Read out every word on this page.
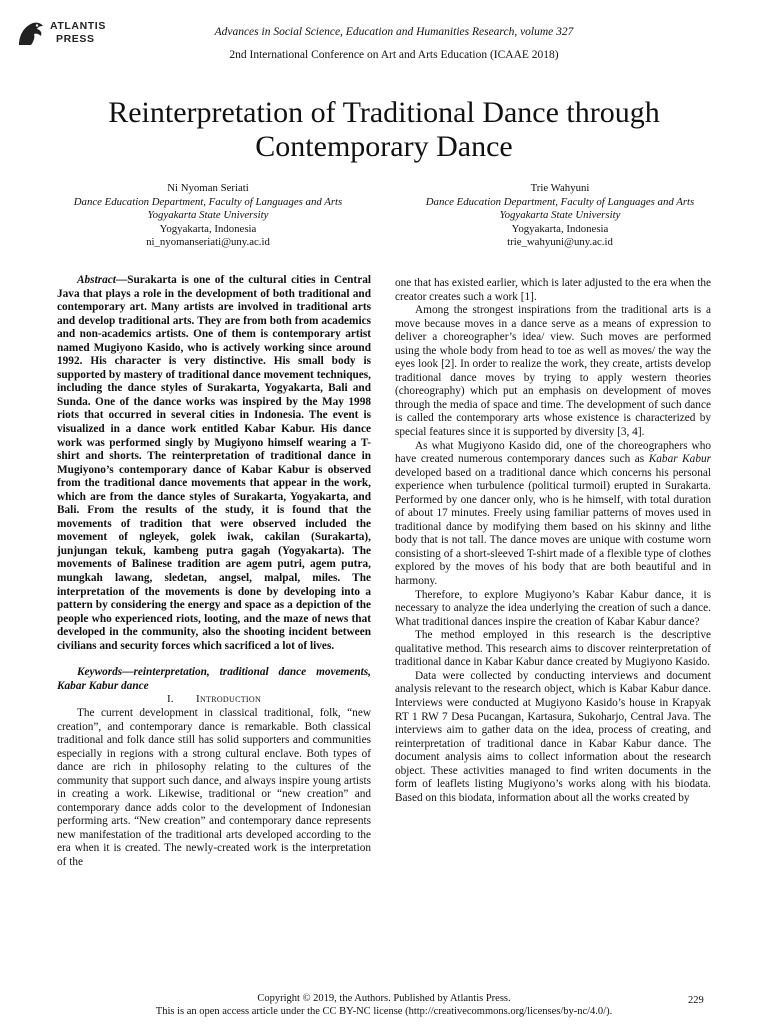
ATLANTIS
PRESS
Advances in Social Science, Education and Humanities Research, volume 327
2nd International Conference on Art and Arts Education (ICAAE 2018)
Reinterpretation of Traditional Dance through
Contemporary Dance
Ni Nyoman Seriati
Dance Education Department, Faculty of Languages and Arts
Yogyakarta State University
Yogyakarta, Indonesia
ni_nyomanseriati@uny.ac.id
Trie Wahyuni
Dance Education Department, Faculty of Languages and Arts
Yogyakarta State University
Yogyakarta, Indonesia
trie_wahyuni@uny.ac.id

Abstract—Surakarta is one of the cultural cities in Central Java that plays a role in the development of both traditional and contemporary art. Many artists are involved in traditional arts and develop traditional arts. They are from both from academics and non-academics artists. One of them is contemporary artist named Mugiyono Kasido, who is actively working since around 1992. His character is very distinctive. His small body is supported by mastery of traditional dance movement techniques, including the dance styles of Surakarta, Yogyakarta, Bali and Sunda. One of the dance works was inspired by the May 1998 riots that occurred in several cities in Indonesia. The event is visualized in a dance work entitled Kabar Kabur. His dance work was performed singly by Mugiyono himself wearing a T-shirt and shorts. The reinterpretation of traditional dance in Mugiyono’s contemporary dance of Kabar Kabur is observed from the traditional dance movements that appear in the work, which are from the dance styles of Surakarta, Yogyakarta, and Bali. From the results of the study, it is found that the movements of tradition that were observed included the movement of ngleyek, golek iwak, cakilan (Surakarta), junjungan tekuk, kambeng putra gagah (Yogyakarta). The movements of Balinese tradition are agem putri, agem putra, mungkah lawang, sledetan, angsel, malpal, miles. The interpretation of the movements is done by developing into a pattern by considering the energy and space as a depiction of the people who experienced riots, looting, and the maze of news that developed in the community, also the shooting incident between civilians and security forces which sacrificed a lot of lives.

Keywords—reinterpretation, traditional dance movements, Kabar Kabur dance

I. Introduction

The current development in classical traditional, folk, “new creation”, and contemporary dance is remarkable. Both classical traditional and folk dance still has solid supporters and communities especially in regions with a strong cultural enclave. Both types of dance are rich in philosophy relating to the cultures of the community that support such dance, and always inspire young artists in creating a work. Likewise, traditional or “new creation” and contemporary dance adds color to the development of Indonesian performing arts. “New creation” and contemporary dance represents new manifestation of the traditional arts developed according to the era when it is created. The newly-created work is the interpretation of the

one that has existed earlier, which is later adjusted to the era when the creator creates such a work [1].

Among the strongest inspirations from the traditional arts is a move because moves in a dance serve as a means of expression to deliver a choreographer’s idea/ view. Such moves are performed using the whole body from head to toe as well as moves/ the way the eyes look [2]. In order to realize the work, they create, artists develop traditional dance moves by trying to apply western theories (choreography) which put an emphasis on development of moves through the media of space and time. The development of such dance is called the contemporary arts whose existence is characterized by special features since it is supported by diversity [3, 4].

As what Mugiyono Kasido did, one of the choreographers who have created numerous contemporary dances such as Kabar Kabur developed based on a traditional dance which concerns his personal experience when turbulence (political turmoil) erupted in Surakarta. Performed by one dancer only, who is he himself, with total duration of about 17 minutes. Freely using familiar patterns of moves used in traditional dance by modifying them based on his skinny and lithe body that is not tall. The dance moves are unique with costume worn consisting of a short-sleeved T-shirt made of a flexible type of clothes explored by the moves of his body that are both beautiful and in harmony.

Therefore, to explore Mugiyono’s Kabar Kabur dance, it is necessary to analyze the idea underlying the creation of such a dance. What traditional dances inspire the creation of Kabar Kabur dance?

The method employed in this research is the descriptive qualitative method. This research aims to discover reinterpretation of traditional dance in Kabar Kabur dance created by Mugiyono Kasido.

Data were collected by conducting interviews and document analysis relevant to the research object, which is Kabar Kabur dance. Interviews were conducted at Mugiyono Kasido’s house in Krapyak RT 1 RW 7 Desa Pucangan, Kartasura, Sukoharjo, Central Java. The interviews aim to gather data on the idea, process of creating, and reinterpretation of traditional dance in Kabar Kabur dance. The document analysis aims to collect information about the research object. These activities managed to find writen documents in the form of leaflets listing Mugiyono’s works along with his biodata. Based on this biodata, information about all the works created by

Copyright © 2019, the Authors. Published by Atlantis Press.
This is an open access article under the CC BY-NC license (http://creativecommons.org/licenses/by-nc/4.0/).
229
